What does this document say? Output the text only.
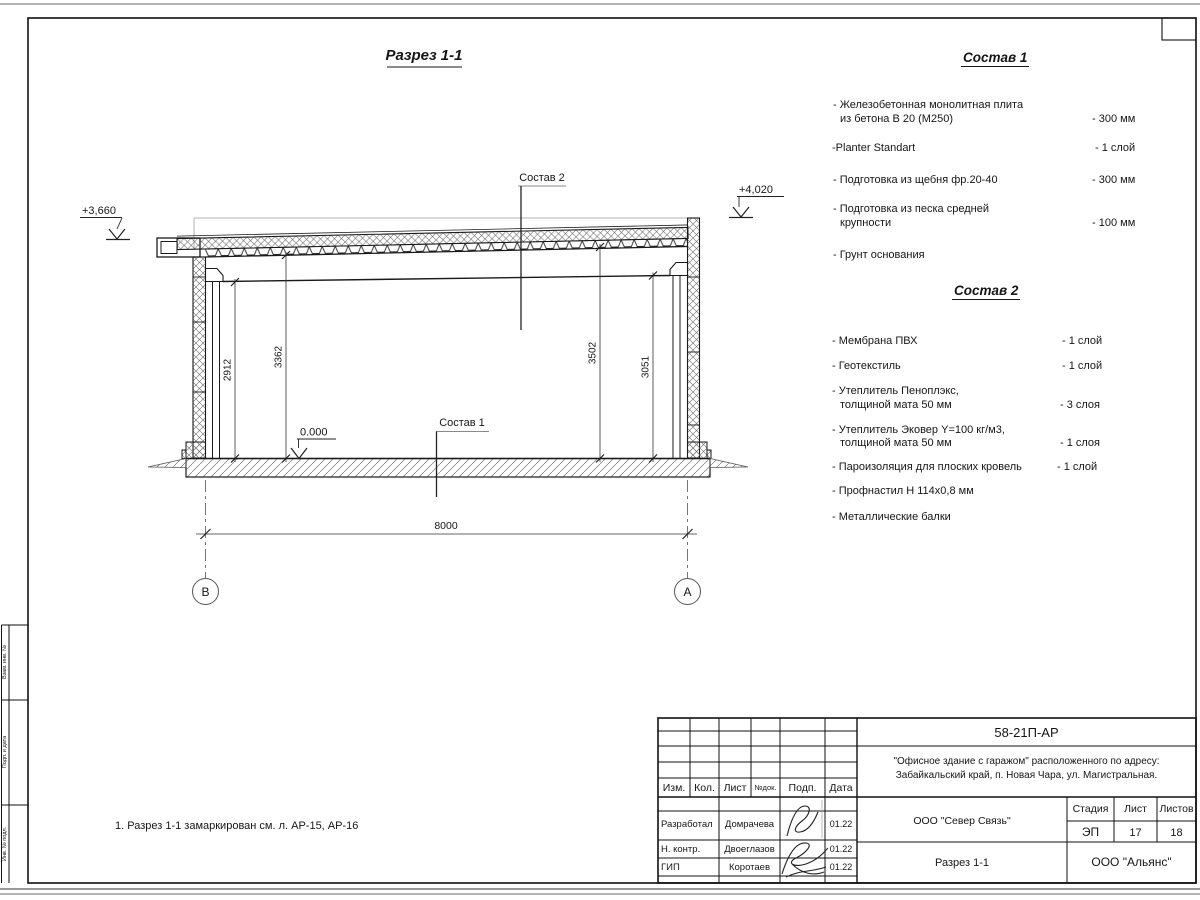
Взам. инв. №
Подп. и дата
Инв. № подл.
Разрез 1-1
В	А
8000
2912
3362	3502
3051
+3,660
+4,020
0.000
Состав 2
Состав 1
Изм. Кол. Лист №док. Подп. Дата
58-21П-АР
"Офисное здание с гаражом" расположенного по адресу:
Забайкальский край, п. Новая Чара, ул. Магистральная.
Стадия Лист Листов
ЭП	17	18
ООО "Север Связь"
Разрез 1-1	ООО "Альянс"
Разработал Домрачева	01.22
Н. контр.	Двоеглазов	01.22
ГИП	Коротаев	01.22
Состав 1
- Железобетонная монолитная плита
из бетона В 20 (М250)	- 300 мм
-Planter Standart	- 1 слой
- Подготовка из щебня фр.20-40	- 300 мм
- Подготовка из песка средней
крупности	- 100 мм
- Грунт основания
Состав 2
- Мембрана ПВХ	- 1 слой
- Геотекстиль	- 1 слой
- Утеплитель Пеноплэкс,
толщиной мата 50 мм	- 3 слоя
- Утеплитель Эковер Y=100 кг/м3,
толщиной мата 50 мм	- 1 слоя
- Пароизоляция для плоских кровель	- 1 слой
- Профнастил Н 114х0,8 мм
- Металлические балки
1. Разрез 1-1 замаркирован см. л. АР-15, АР-16
